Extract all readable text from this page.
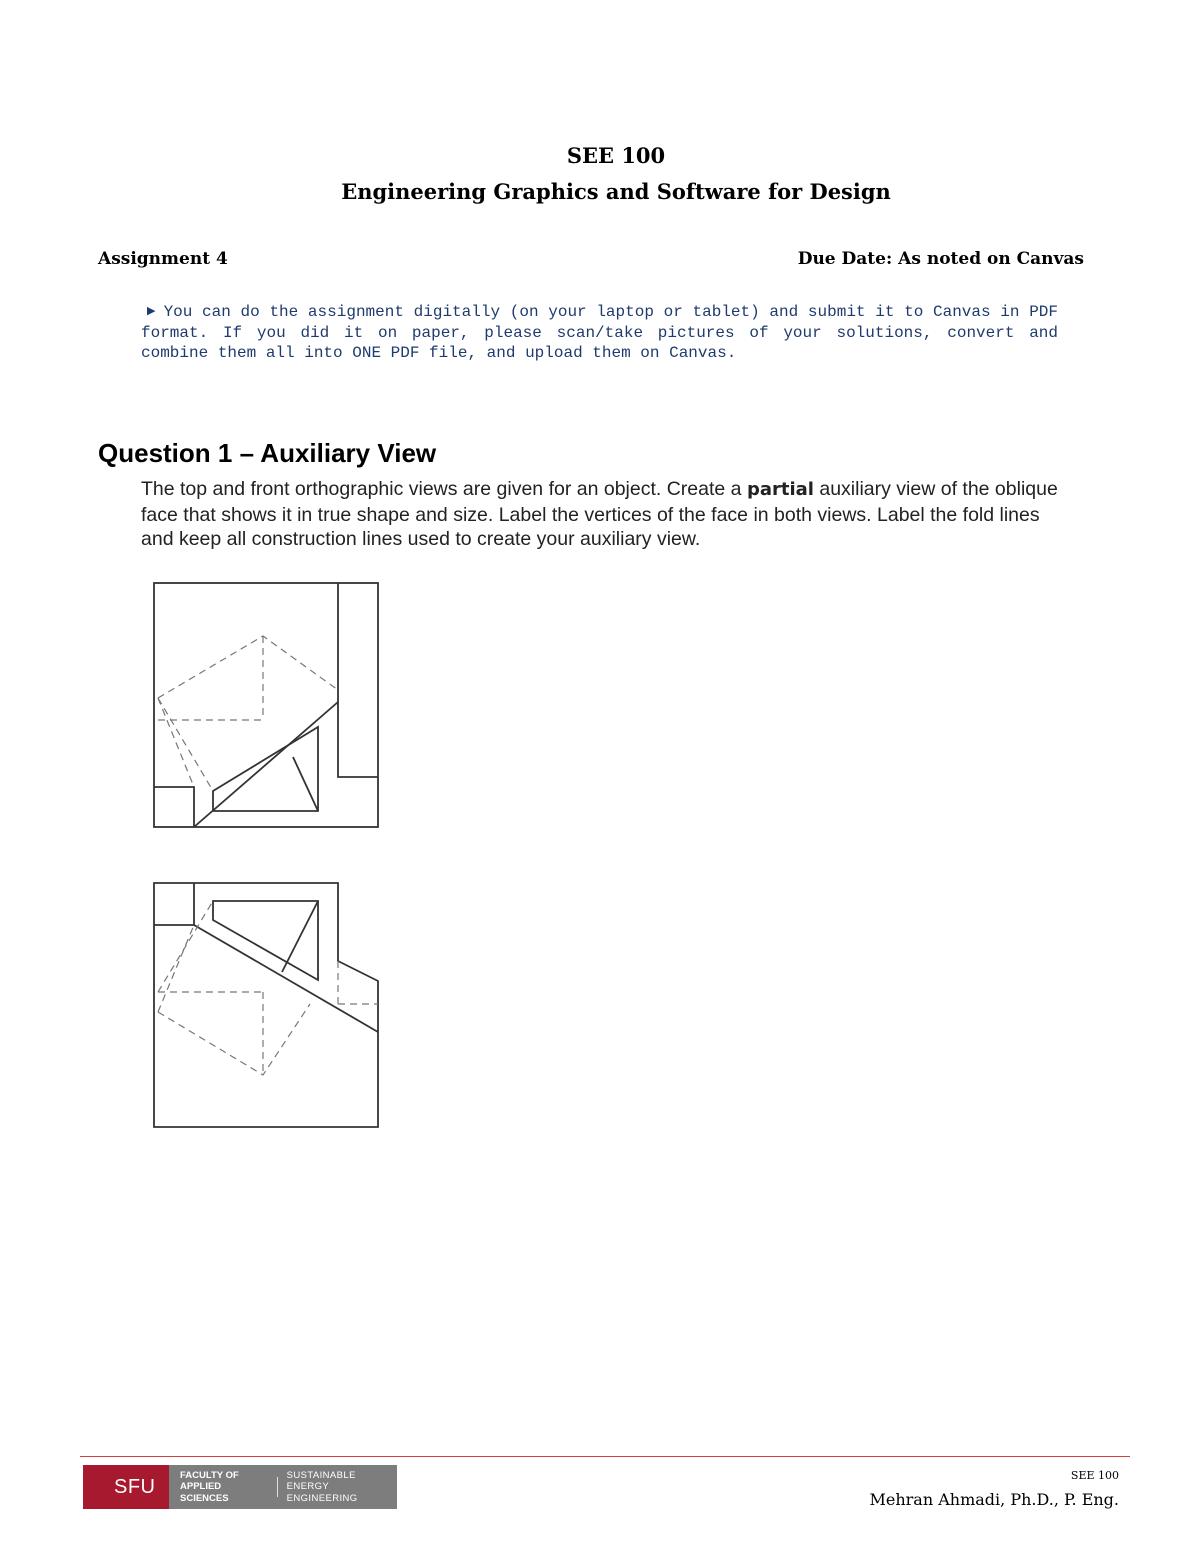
SEE 100
Engineering Graphics and Software for Design
Assignment 4	Due Date: As noted on Canvas
▶ You can do the assignment digitally (on your laptop or tablet) and submit it to Canvas in PDF format. If you did it on paper, please scan/take pictures of your solutions, convert and combine them all into ONE PDF file, and upload them on Canvas.
Question 1 – Auxiliary View
The top and front orthographic views are given for an object. Create a partial auxiliary view of the oblique face that shows it in true shape and size. Label the vertices of the face in both views. Label the fold lines and keep all construction lines used to create your auxiliary view.
SFU
FACULTY OF
APPLIED SCIENCES
SUSTAINABLE
ENERGY ENGINEERING
SEE 100
Mehran Ahmadi, Ph.D., P. Eng.
